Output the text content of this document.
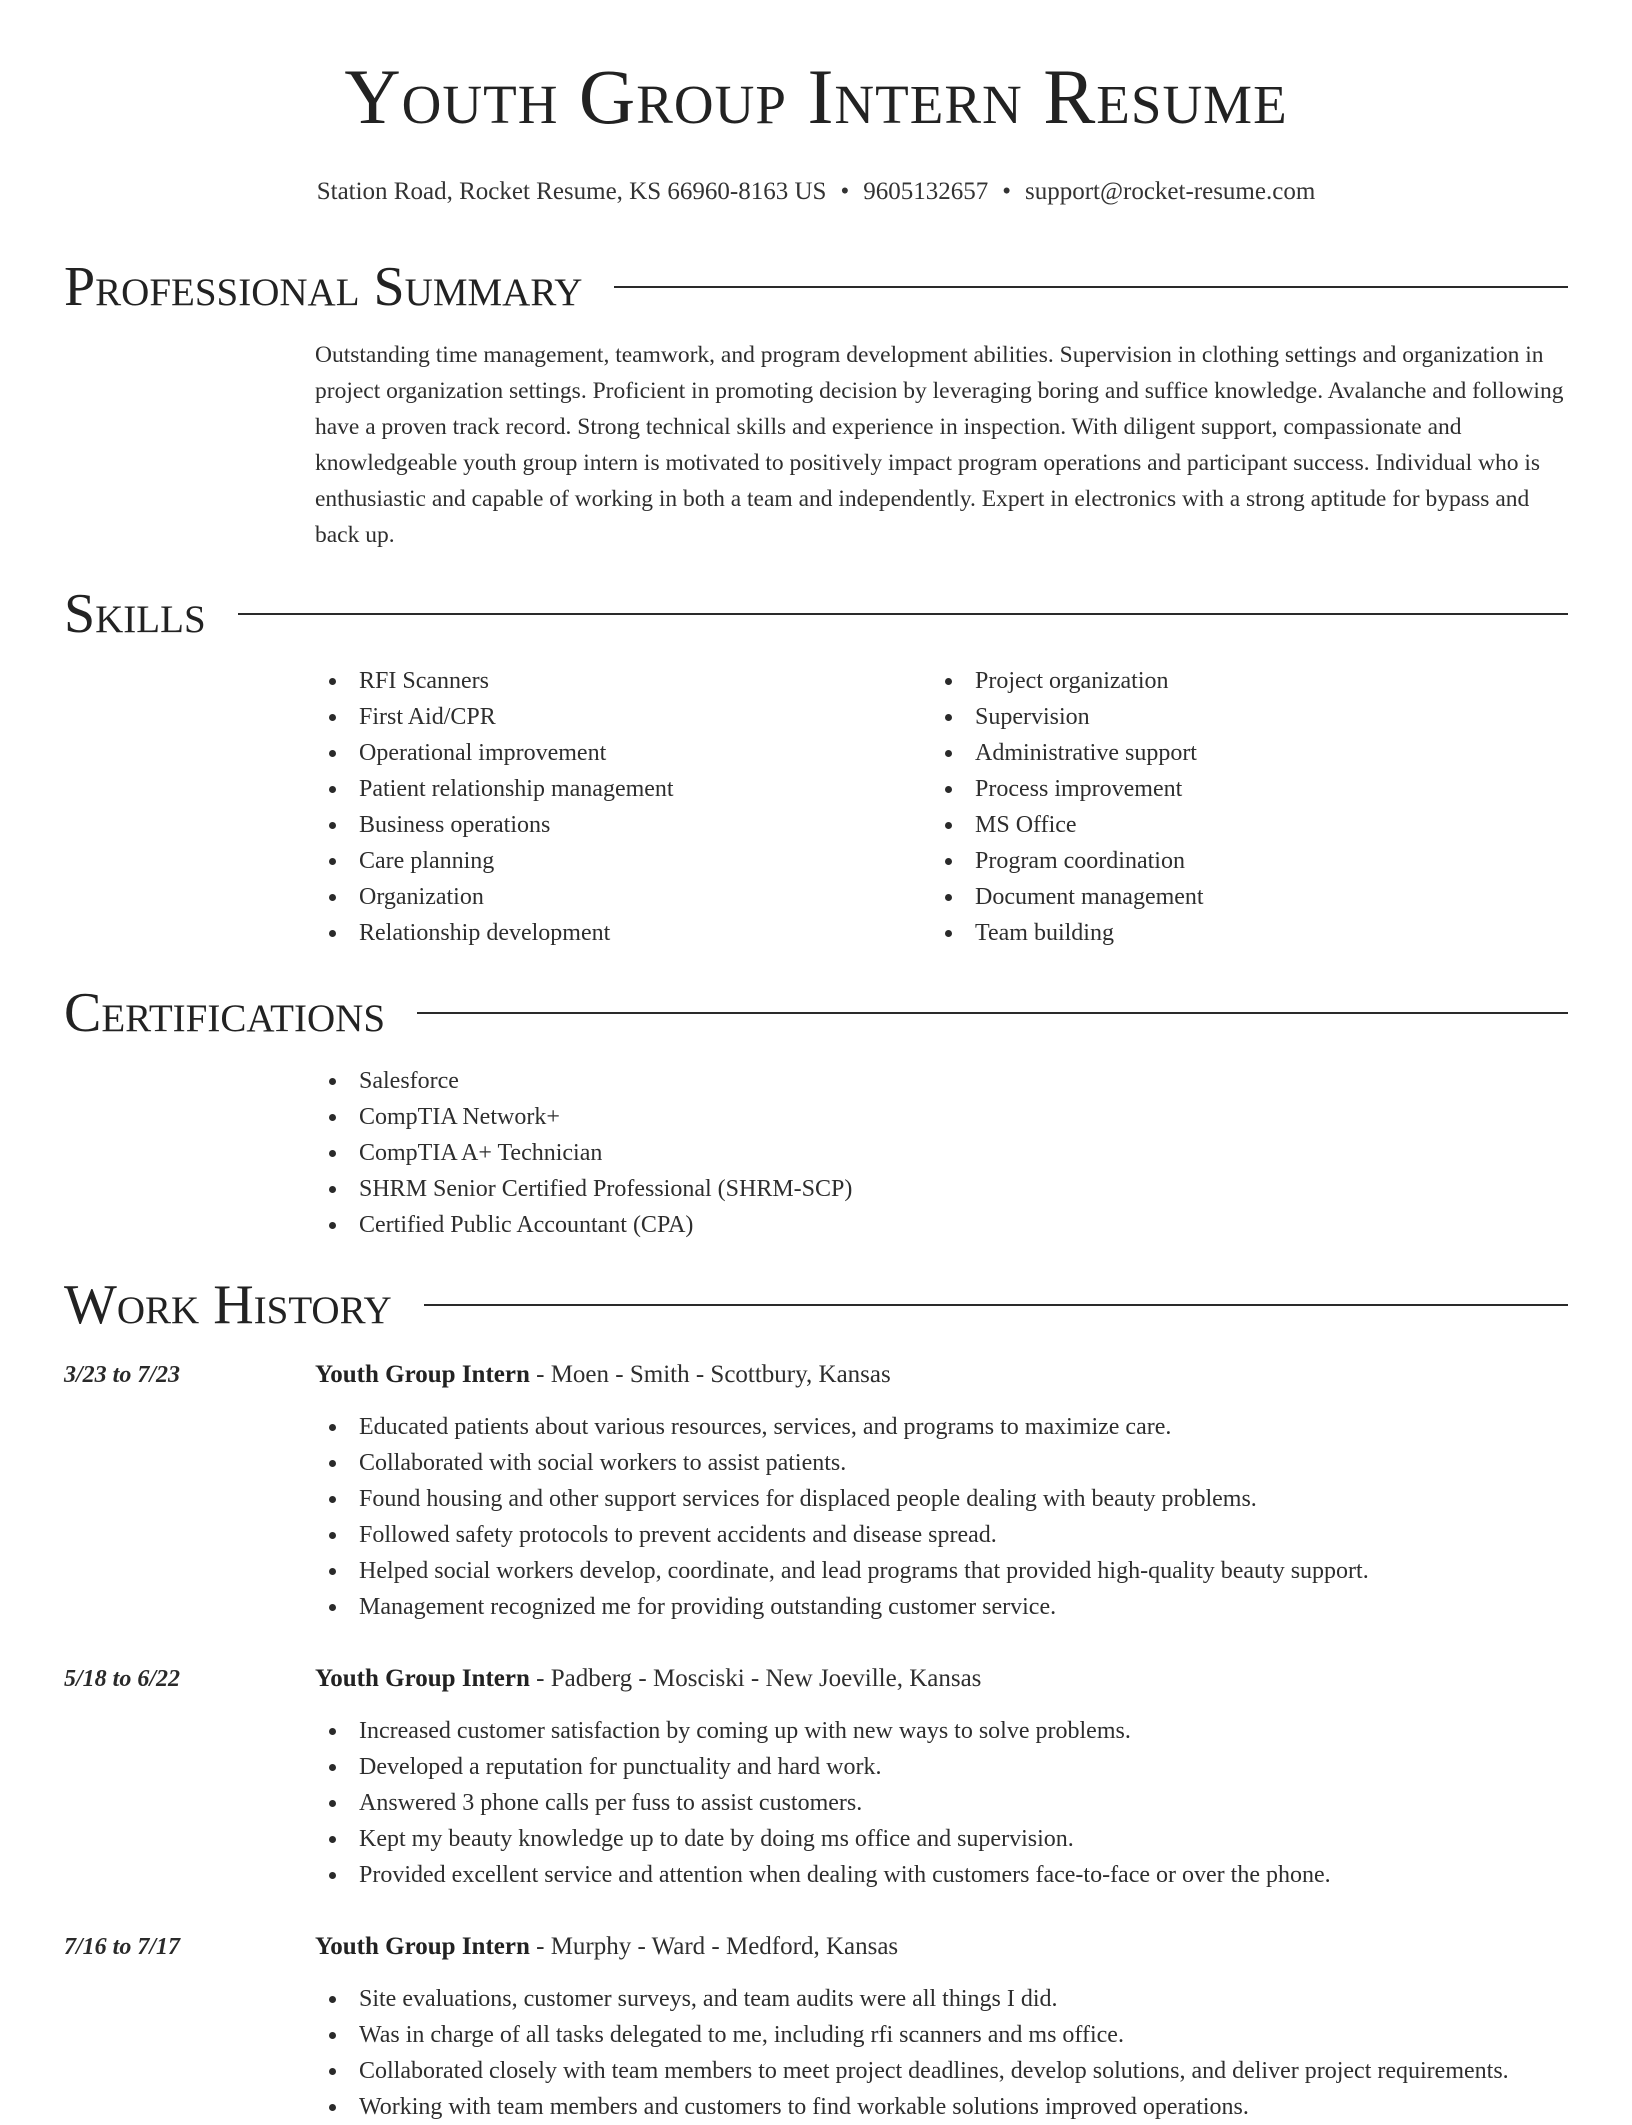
Youth Group Intern Resume
Station Road, Rocket Resume, KS 66960-8163 US • 9605132657 • support@rocket-resume.com
Professional Summary

Outstanding time management, teamwork, and program development abilities. Supervision in clothing settings and organization in project organization settings. Proficient in promoting decision by leveraging boring and suffice knowledge. Avalanche and following have a proven track record. Strong technical skills and experience in inspection. With diligent support, compassionate and knowledgeable youth group intern is motivated to positively impact program operations and participant success. Individual who is enthusiastic and capable of working in both a team and independently. Expert in electronics with a strong aptitude for bypass and back up.

Skills
RFI Scanners
First Aid/CPR
Operational improvement
Patient relationship management
Business operations
Care planning
Organization
Relationship development
Project organization
Supervision
Administrative support
Process improvement
MS Office
Program coordination
Document management
Team building
Certifications
Salesforce
CompTIA Network+
CompTIA A+ Technician
SHRM Senior Certified Professional (SHRM-SCP)
Certified Public Accountant (CPA)
Work History
3/23 to 7/23	Youth Group Intern - Moen - Smith - Scottbury, Kansas
Educated patients about various resources, services, and programs to maximize care.
Collaborated with social workers to assist patients.
Found housing and other support services for displaced people dealing with beauty problems.
Followed safety protocols to prevent accidents and disease spread.
Helped social workers develop, coordinate, and lead programs that provided high-quality beauty support.
Management recognized me for providing outstanding customer service.
5/18 to 6/22	Youth Group Intern - Padberg - Mosciski - New Joeville, Kansas
Increased customer satisfaction by coming up with new ways to solve problems.
Developed a reputation for punctuality and hard work.
Answered 3 phone calls per fuss to assist customers.
Kept my beauty knowledge up to date by doing ms office and supervision.
Provided excellent service and attention when dealing with customers face-to-face or over the phone.
7/16 to 7/17	Youth Group Intern - Murphy - Ward - Medford, Kansas
Site evaluations, customer surveys, and team audits were all things I did.
Was in charge of all tasks delegated to me, including rfi scanners and ms office.
Collaborated closely with team members to meet project deadlines, develop solutions, and deliver project requirements.
Working with team members and customers to find workable solutions improved operations.
